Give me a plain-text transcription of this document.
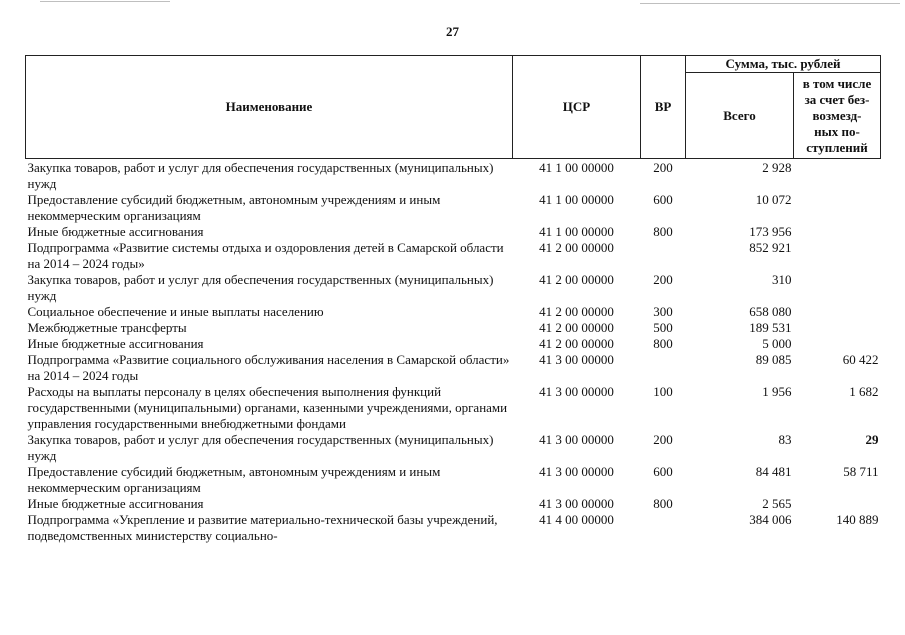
27
Наименование	ЦСР	ВР	Сумма, тыс. рублей	
			Всего	в том числе
за счет без-
возмезд-
ных по-
ступлений

Закупка товаров, работ и услуг для обеспечения государственных (муниципальных) нужд	41 1 00 00000	200	2 928	
Предоставление субсидий бюджетным, автономным учреждениям и иным некоммерческим организациям	41 1 00 00000	600	10 072	
Иные бюджетные ассигнования	41 1 00 00000	800	173 956	
Подпрограмма «Развитие системы отдыха и оздоровления детей в Самарской области на 2014 – 2024 годы»	41 2 00 00000		852 921	
Закупка товаров, работ и услуг для обеспечения государственных (муниципальных) нужд	41 2 00 00000	200	310	
Социальное обеспечение и иные выплаты населению	41 2 00 00000	300	658 080	
Межбюджетные трансферты	41 2 00 00000	500	189 531	
Иные бюджетные ассигнования	41 2 00 00000	800	5 000	
Подпрограмма «Развитие социального обслуживания населения в Самарской области» на 2014 – 2024 годы	41 3 00 00000		89 085	60 422
Расходы на выплаты персоналу в целях обеспечения выполнения функций государственными (муниципальными) органами, казенными учреждениями, органами управления государственными внебюджетными фондами	41 3 00 00000	100	1 956	1 682
Закупка товаров, работ и услуг для обеспечения государственных (муниципальных) нужд	41 3 00 00000	200	83	29
Предоставление субсидий бюджетным, автономным учреждениям и иным некоммерческим организациям	41 3 00 00000	600	84 481	58 711
Иные бюджетные ассигнования	41 3 00 00000	800	2 565	
Подпрограмма «Укрепление и развитие материально-технической базы учреждений, подведомственных министерству социально-	41 4 00 00000		384 006	140 889
